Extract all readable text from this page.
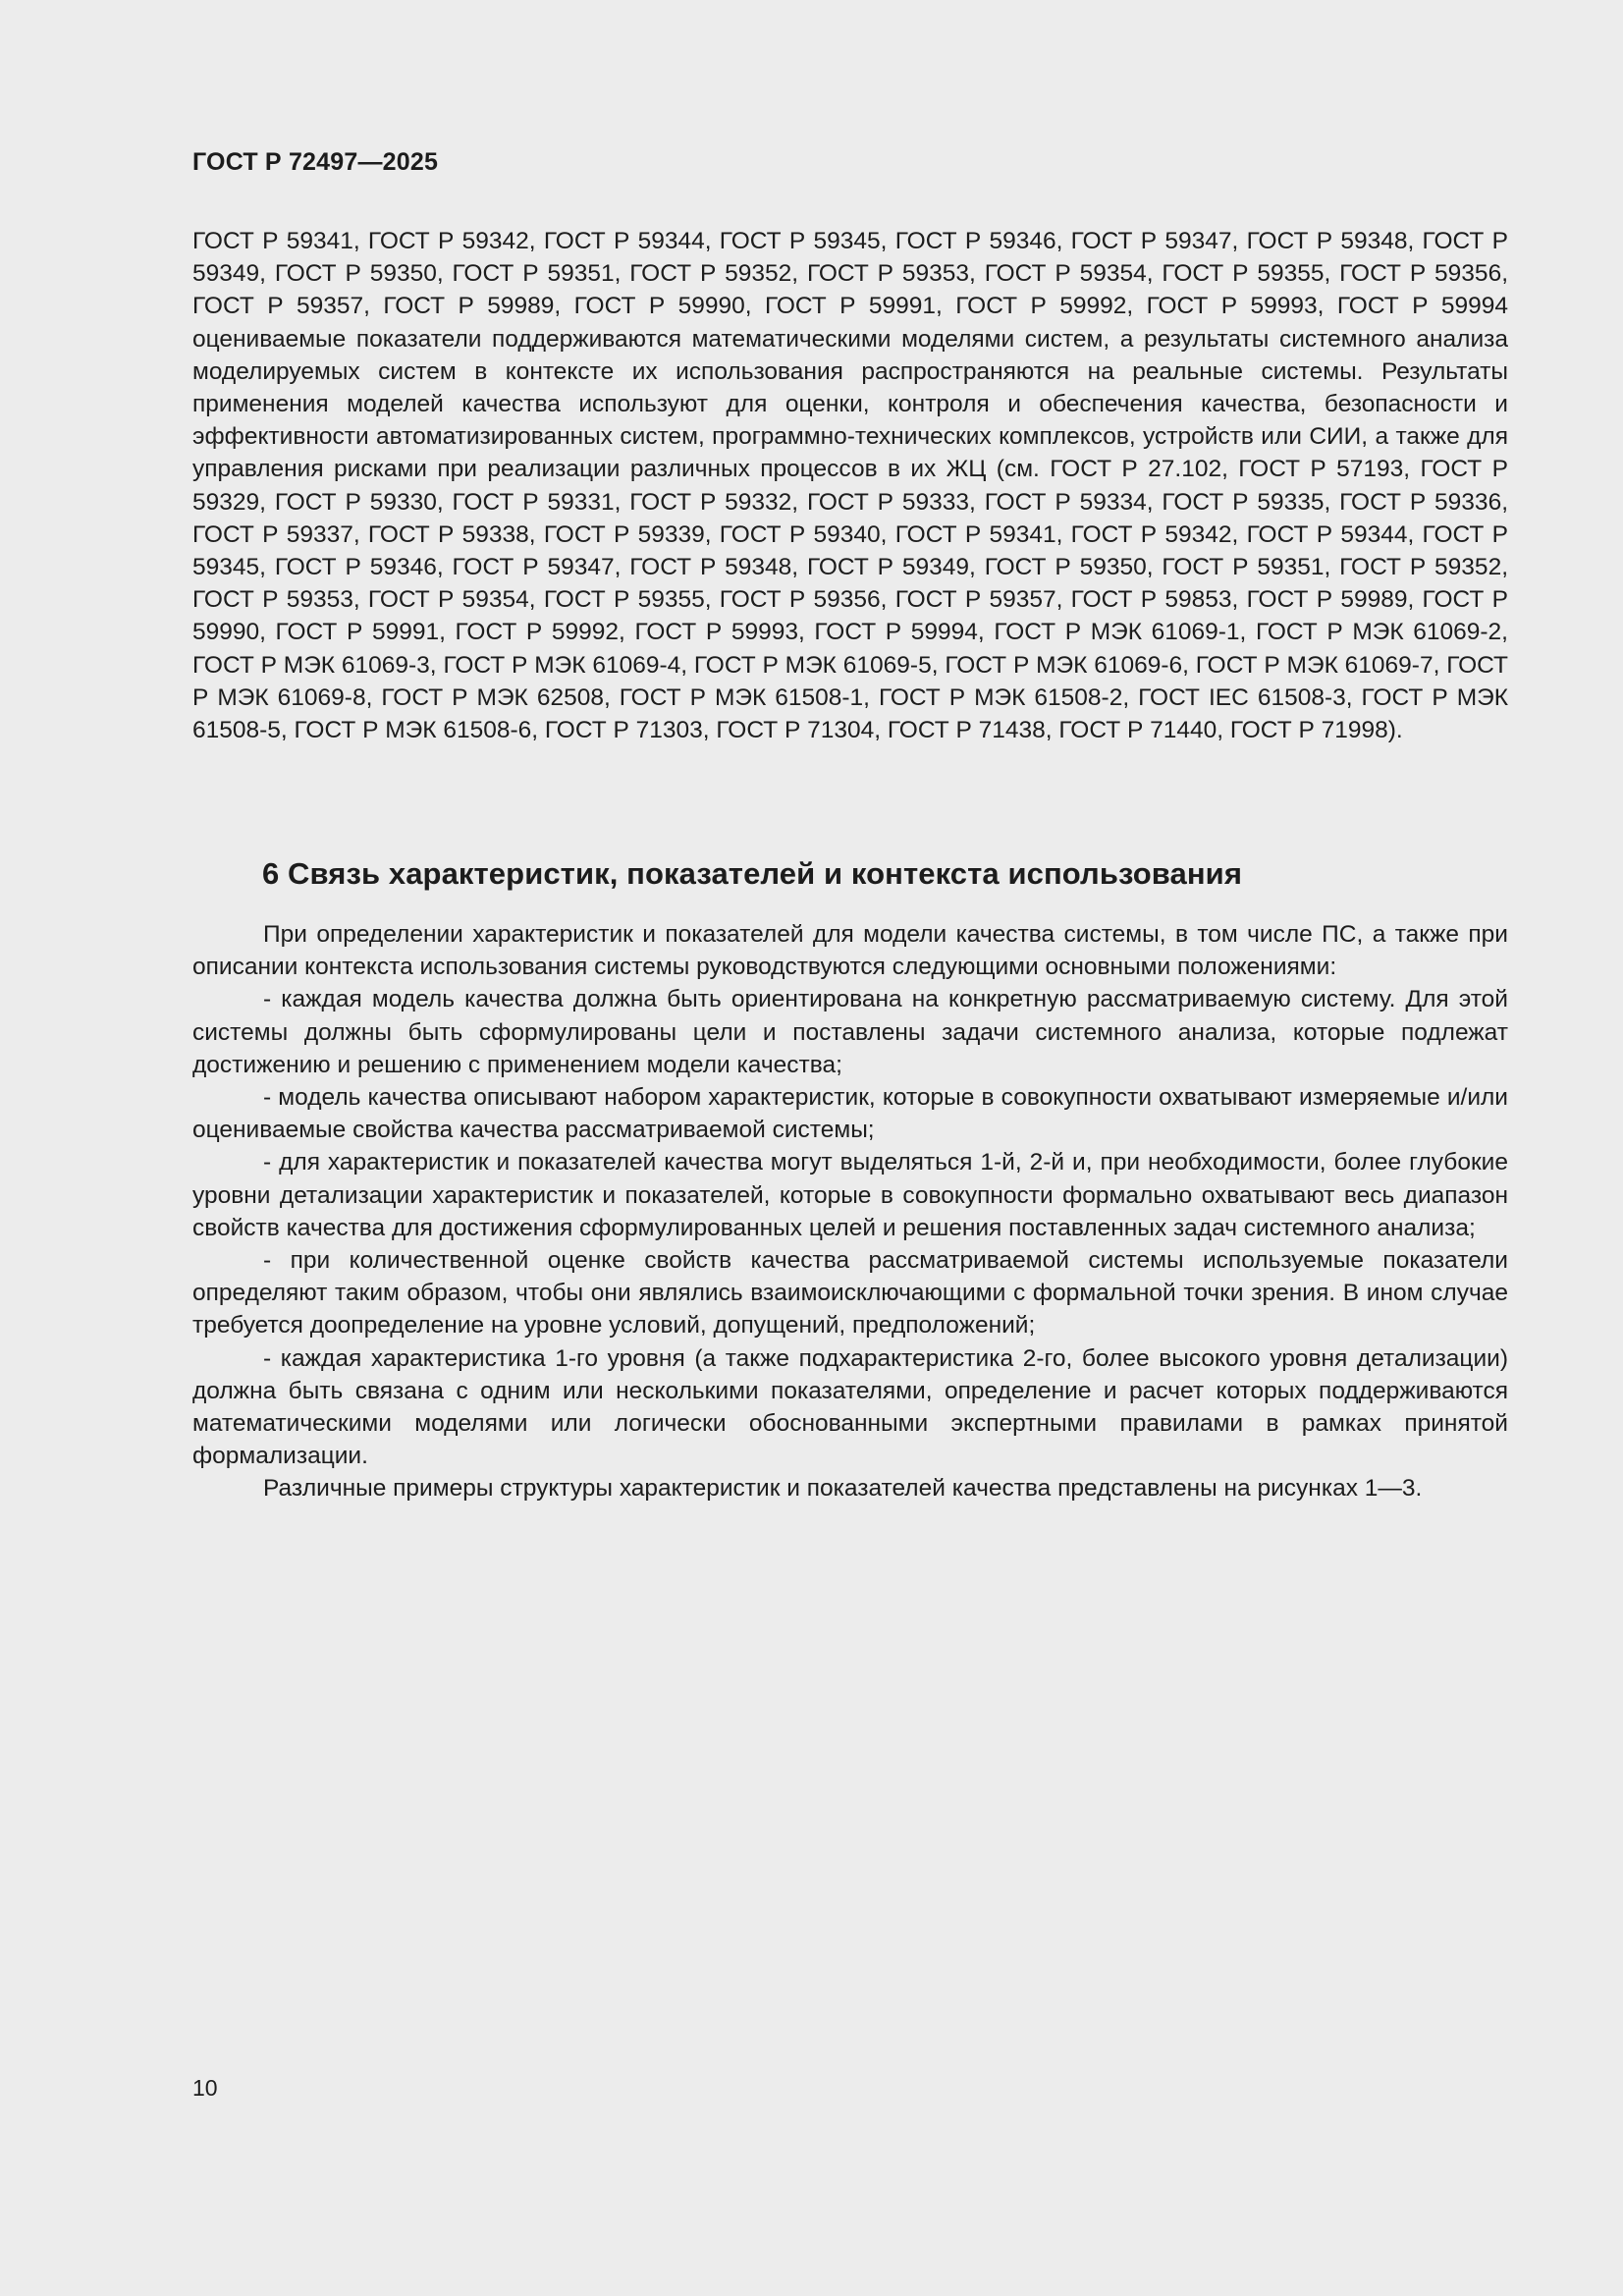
ГОСТ Р 72497—2025

ГОСТ Р 59341, ГОСТ Р 59342, ГОСТ Р 59344, ГОСТ Р 59345, ГОСТ Р 59346, ГОСТ Р 59347, ГОСТ Р 59348, ГОСТ Р 59349, ГОСТ Р 59350, ГОСТ Р 59351, ГОСТ Р 59352, ГОСТ Р 59353, ГОСТ Р 59354, ГОСТ Р 59355, ГОСТ Р 59356, ГОСТ Р 59357, ГОСТ Р 59989, ГОСТ Р 59990, ГОСТ Р 59991, ГОСТ Р 59992, ГОСТ Р 59993, ГОСТ Р 59994 оцениваемые показатели поддерживаются математическими моделями систем, а результаты системного анализа моделируемых систем в контексте их использования распространяются на реальные системы. Результаты применения моделей качества используют для оценки, контроля и обеспечения качества, безопасности и эффективности автоматизированных систем, программно-технических комплексов, устройств или СИИ, а также для управления рисками при реализации различных процессов в их ЖЦ (см. ГОСТ Р 27.102, ГОСТ Р 57193, ГОСТ Р 59329, ГОСТ Р 59330, ГОСТ Р 59331, ГОСТ Р 59332, ГОСТ Р 59333, ГОСТ Р 59334, ГОСТ Р 59335, ГОСТ Р 59336, ГОСТ Р 59337, ГОСТ Р 59338, ГОСТ Р 59339, ГОСТ Р 59340, ГОСТ Р 59341, ГОСТ Р 59342, ГОСТ Р 59344, ГОСТ Р 59345, ГОСТ Р 59346, ГОСТ Р 59347, ГОСТ Р 59348, ГОСТ Р 59349, ГОСТ Р 59350, ГОСТ Р 59351, ГОСТ Р 59352, ГОСТ Р 59353, ГОСТ Р 59354, ГОСТ Р 59355, ГОСТ Р 59356, ГОСТ Р 59357, ГОСТ Р 59853, ГОСТ Р 59989, ГОСТ Р 59990, ГОСТ Р 59991, ГОСТ Р 59992, ГОСТ Р 59993, ГОСТ Р 59994, ГОСТ Р МЭК 61069-1, ГОСТ Р МЭК 61069-2, ГОСТ Р МЭК 61069-3, ГОСТ Р МЭК 61069-4, ГОСТ Р МЭК 61069-5, ГОСТ Р МЭК 61069-6, ГОСТ Р МЭК 61069-7, ГОСТ Р МЭК 61069-8, ГОСТ Р МЭК 62508, ГОСТ Р МЭК 61508-1, ГОСТ Р МЭК 61508-2, ГОСТ IEC 61508-3, ГОСТ Р МЭК 61508-5, ГОСТ Р МЭК 61508-6, ГОСТ Р 71303, ГОСТ Р 71304, ГОСТ Р 71438, ГОСТ Р 71440, ГОСТ Р 71998).

6 Связь характеристик, показателей и контекста использования

При определении характеристик и показателей для модели качества системы, в том числе ПС, а также при описании контекста использования системы руководствуются следующими основными положениями:

- каждая модель качества должна быть ориентирована на конкретную рассматриваемую систему. Для этой системы должны быть сформулированы цели и поставлены задачи системного анализа, которые подлежат достижению и решению с применением модели качества;

- модель качества описывают набором характеристик, которые в совокупности охватывают измеряемые и/или оцениваемые свойства качества рассматриваемой системы;

- для характеристик и показателей качества могут выделяться 1-й, 2-й и, при необходимости, более глубокие уровни детализации характеристик и показателей, которые в совокупности формально охватывают весь диапазон свойств качества для достижения сформулированных целей и решения поставленных задач системного анализа;

- при количественной оценке свойств качества рассматриваемой системы используемые показатели определяют таким образом, чтобы они являлись взаимоисключающими с формальной точки зрения. В ином случае требуется доопределение на уровне условий, допущений, предположений;

- каждая характеристика 1-го уровня (а также подхарактеристика 2-го, более высокого уровня детализации) должна быть связана с одним или несколькими показателями, определение и расчет которых поддерживаются математическими моделями или логически обоснованными экспертными правилами в рамках принятой формализации.

Различные примеры структуры характеристик и показателей качества представлены на рисунках 1—3.

10
